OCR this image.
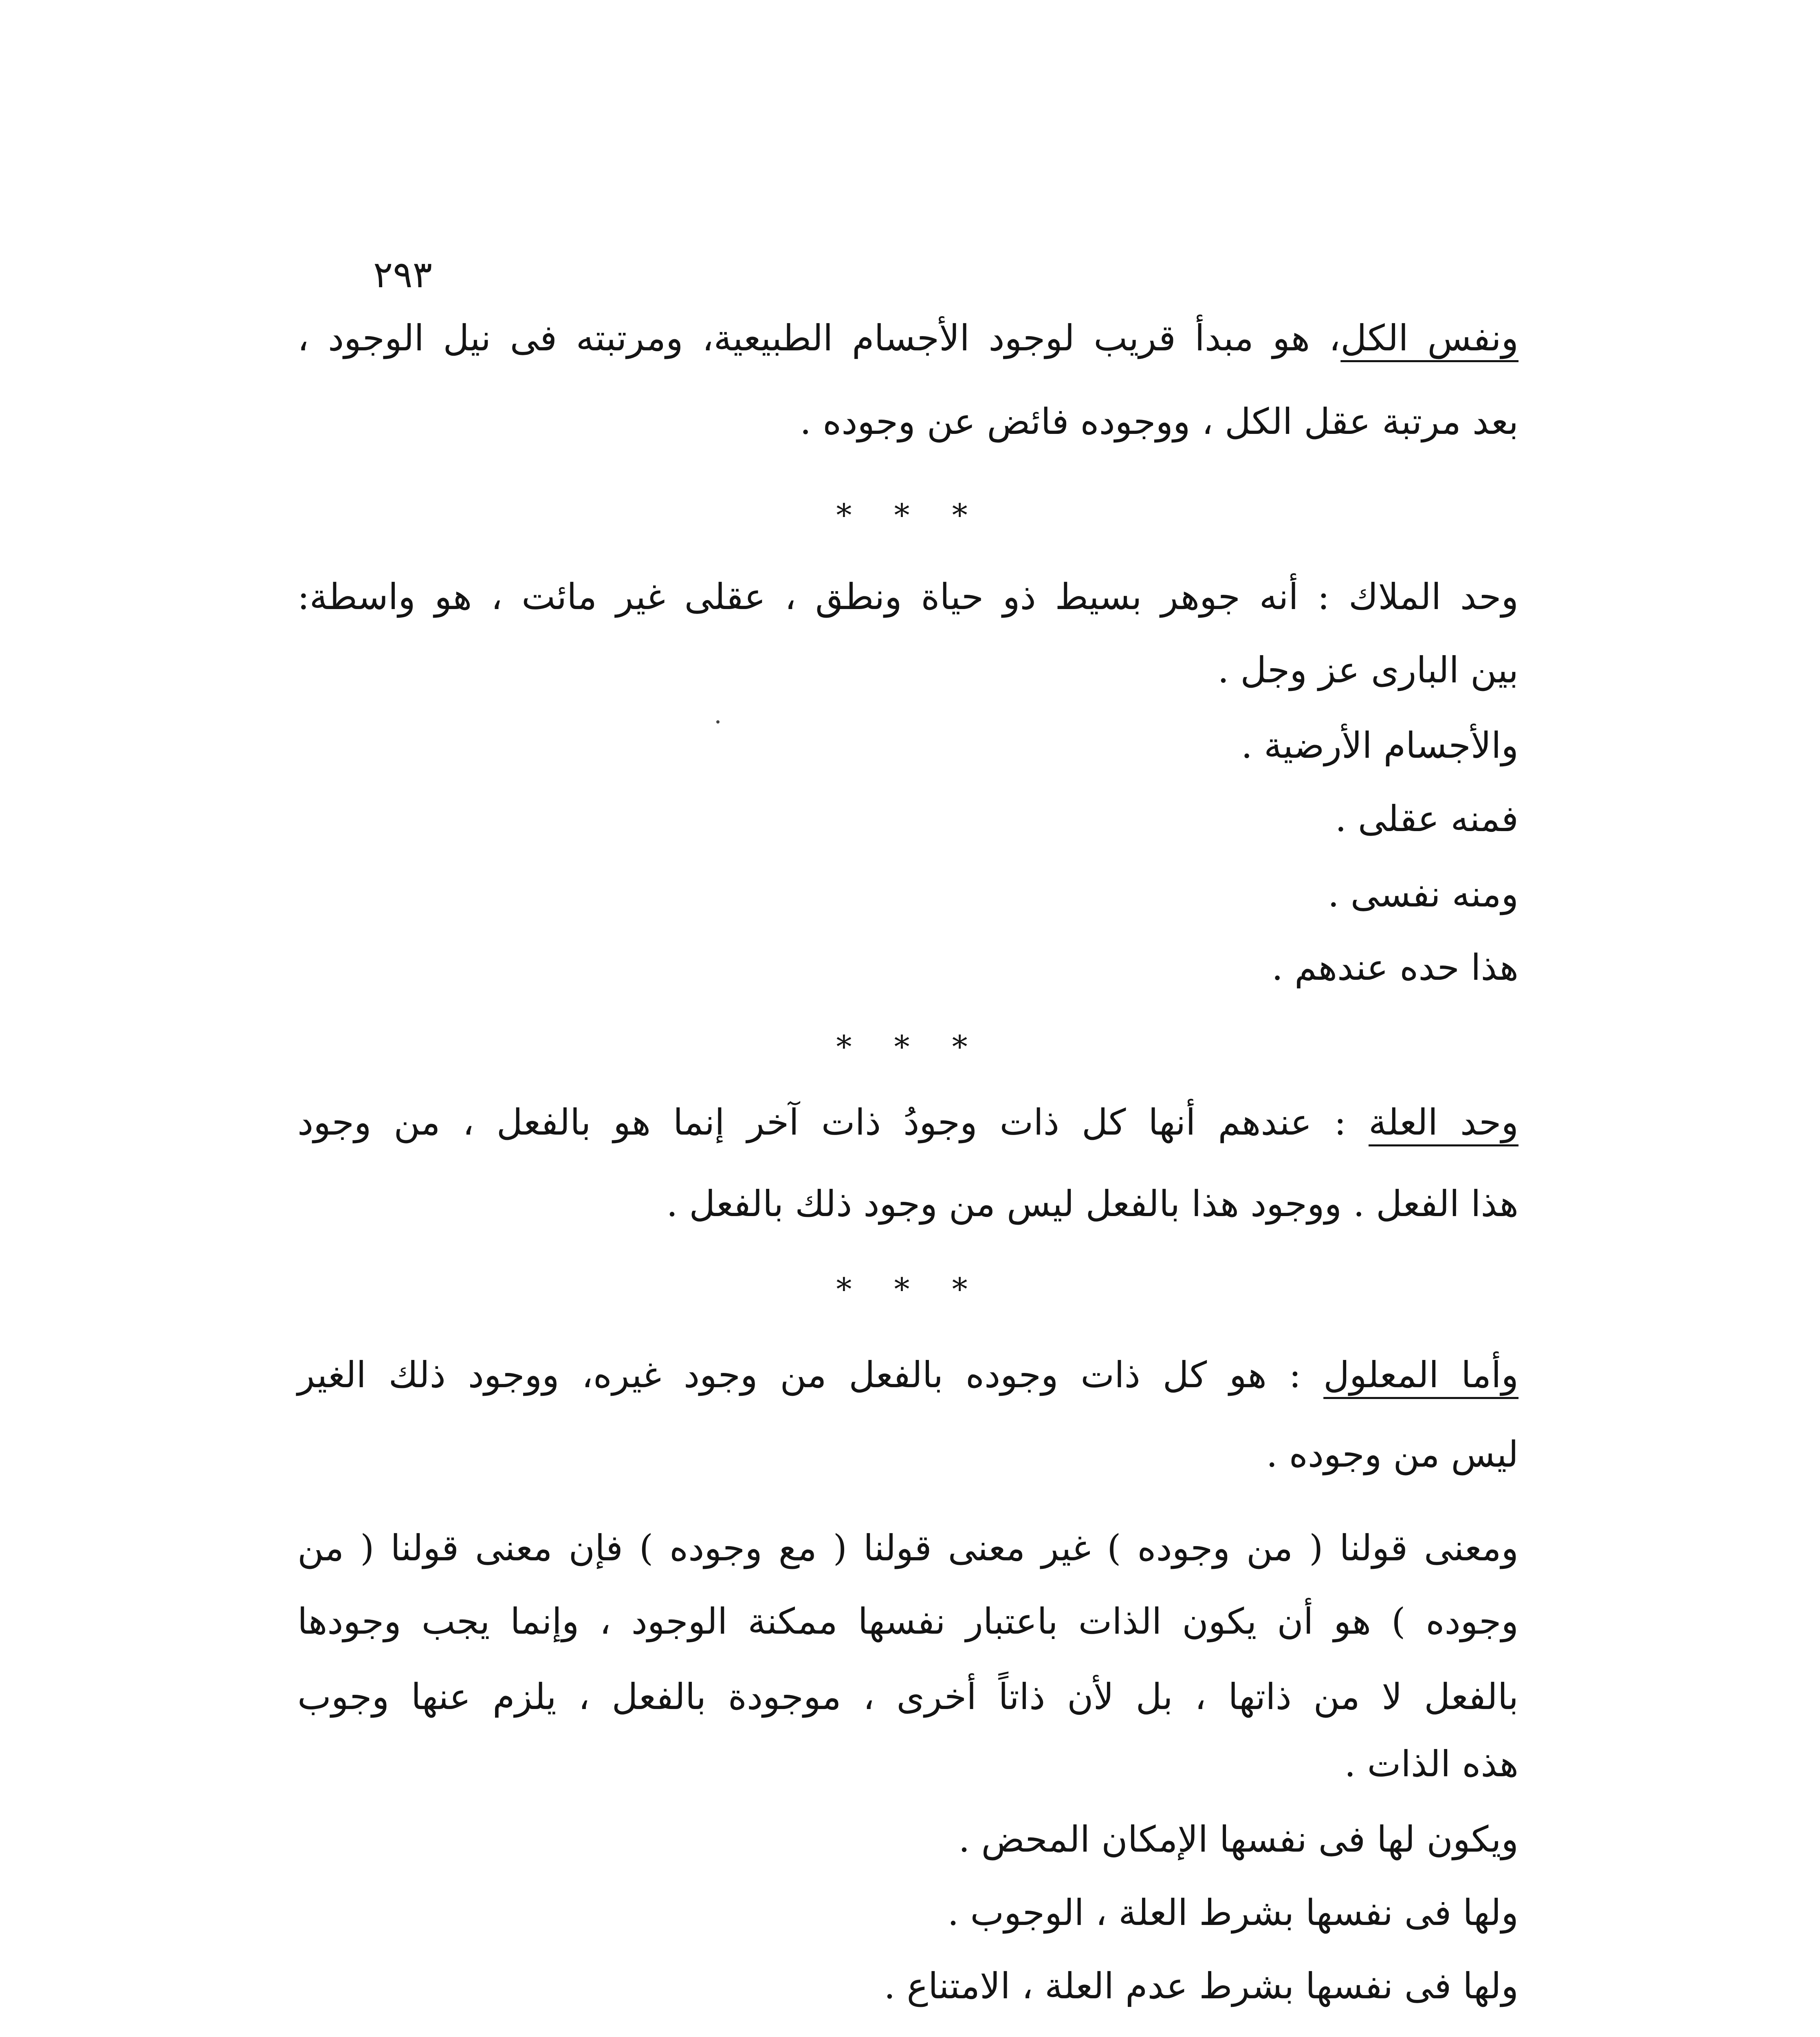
٢٩٣
ونفس الكل، هو مبدأ قريب لوجود الأجسام الطبيعية، ومرتبته فى نيل الوجود ،
بعد مرتبة عقل الكل ، ووجوده فائض عن وجوده .
* * *
وحد الملاك : أنه جوهر بسيط ذو حياة ونطق ، عقلى غير مائت ، هو واسطة:
بين البارى عز وجل .
والأجسام الأرضية .
فمنه عقلى .
ومنه نفسى .
هذا حده عندهم .
* * *
وحد العلة : عندهم أنها كل ذات وجودُ ذات آخر إنما هو بالفعل ، من وجود
هذا الفعل . ووجود هذا بالفعل ليس من وجود ذلك بالفعل .
* * *
وأما المعلول : هو كل ذات وجوده بالفعل من وجود غيره، ووجود ذلك الغير
ليس من وجوده .
ومعنى قولنا ( من وجوده ) غير معنى قولنا ( مع وجوده ) فإن معنى قولنا ( من
وجوده ) هو أن يكون الذات باعتبار نفسها ممكنة الوجود ، وإنما يجب وجودها
بالفعل لا من ذاتها ، بل لأن ذاتاً أخرى ، موجودة بالفعل ، يلزم عنها وجوب
هذه الذات .
ويكون لها فى نفسها الإمكان المحض .
ولها فى نفسها بشرط العلة ، الوجوب .
ولها فى نفسها بشرط عدم العلة ، الامتناع .
